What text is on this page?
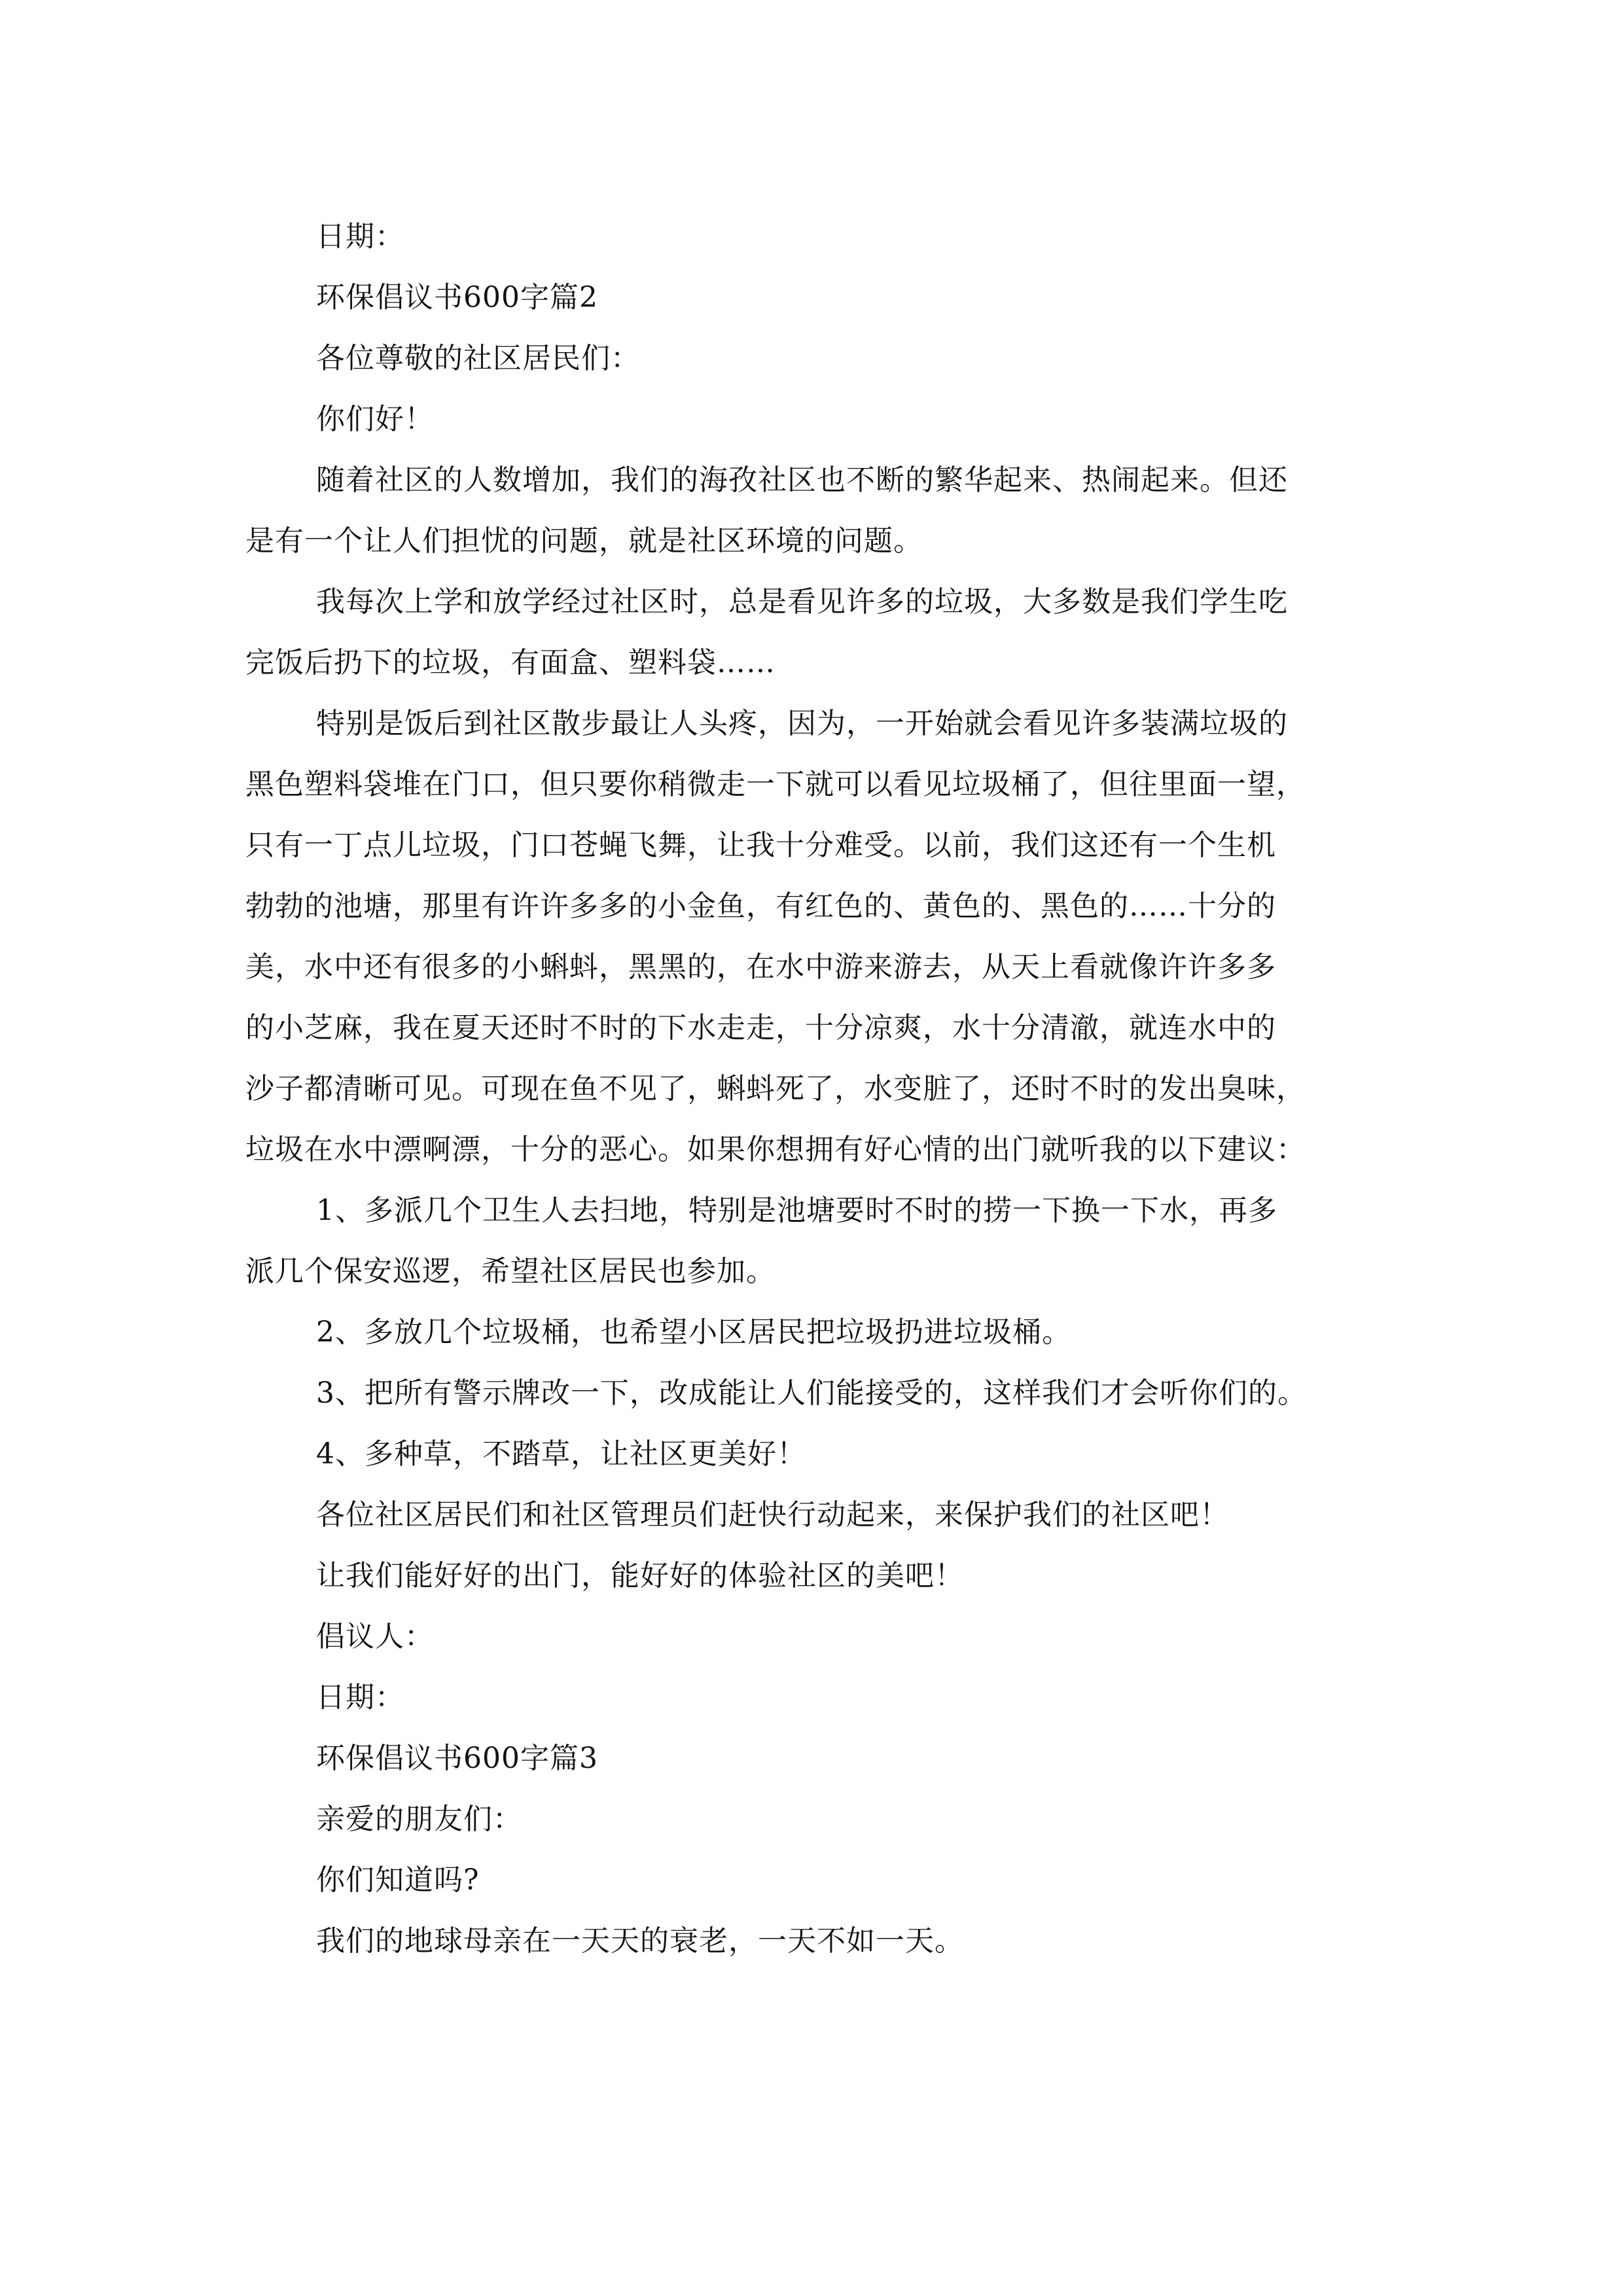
日期：

环保倡议书600字篇2

各位尊敬的社区居民们：

你们好！

随着社区的人数增加，我们的海孜社区也不断的繁华起来、热闹起来。但还

是有一个让人们担忧的问题，就是社区环境的问题。

我每次上学和放学经过社区时，总是看见许多的垃圾，大多数是我们学生吃

完饭后扔下的垃圾，有面盒、塑料袋……

特别是饭后到社区散步最让人头疼，因为，一开始就会看见许多装满垃圾的

黑色塑料袋堆在门口，但只要你稍微走一下就可以看见垃圾桶了，但往里面一望，

只有一丁点儿垃圾，门口苍蝇飞舞，让我十分难受。以前，我们这还有一个生机

勃勃的池塘，那里有许许多多的小金鱼，有红色的、黄色的、黑色的……十分的

美，水中还有很多的小蝌蚪，黑黑的，在水中游来游去，从天上看就像许许多多

的小芝麻，我在夏天还时不时的下水走走，十分凉爽，水十分清澈，就连水中的

沙子都清晰可见。可现在鱼不见了，蝌蚪死了，水变脏了，还时不时的发出臭味，

垃圾在水中漂啊漂，十分的恶心。如果你想拥有好心情的出门就听我的以下建议：

1、多派几个卫生人去扫地，特别是池塘要时不时的捞一下换一下水，再多

派几个保安巡逻，希望社区居民也参加。

2、多放几个垃圾桶，也希望小区居民把垃圾扔进垃圾桶。

3、把所有警示牌改一下，改成能让人们能接受的，这样我们才会听你们的。

4、多种草，不踏草，让社区更美好！

各位社区居民们和社区管理员们赶快行动起来，来保护我们的社区吧！

让我们能好好的出门，能好好的体验社区的美吧！

倡议人：

日期：

环保倡议书600字篇3

亲爱的朋友们：

你们知道吗?

我们的地球母亲在一天天的衰老，一天不如一天。
